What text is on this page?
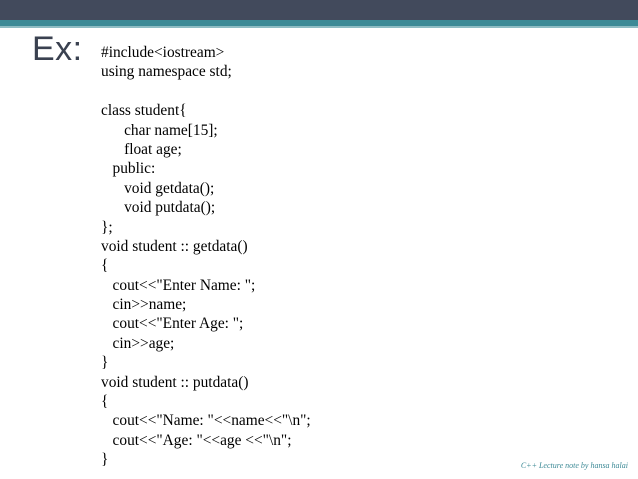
Ex: #include<iostream>
using namespace std;
class student{
char name[15];
float age;
public:
void getdata();
void putdata();
};
void student :: getdata()
{
cout<<"Enter Name: ";
cin>>name;
cout<<"Enter Age: ";
cin>>age;
}
void student :: putdata()
{
cout<<"Name: "<<name<<"\n";
cout<<"Age: "<<age <<"\n";
}	C++ Lecture note by hansa halai
